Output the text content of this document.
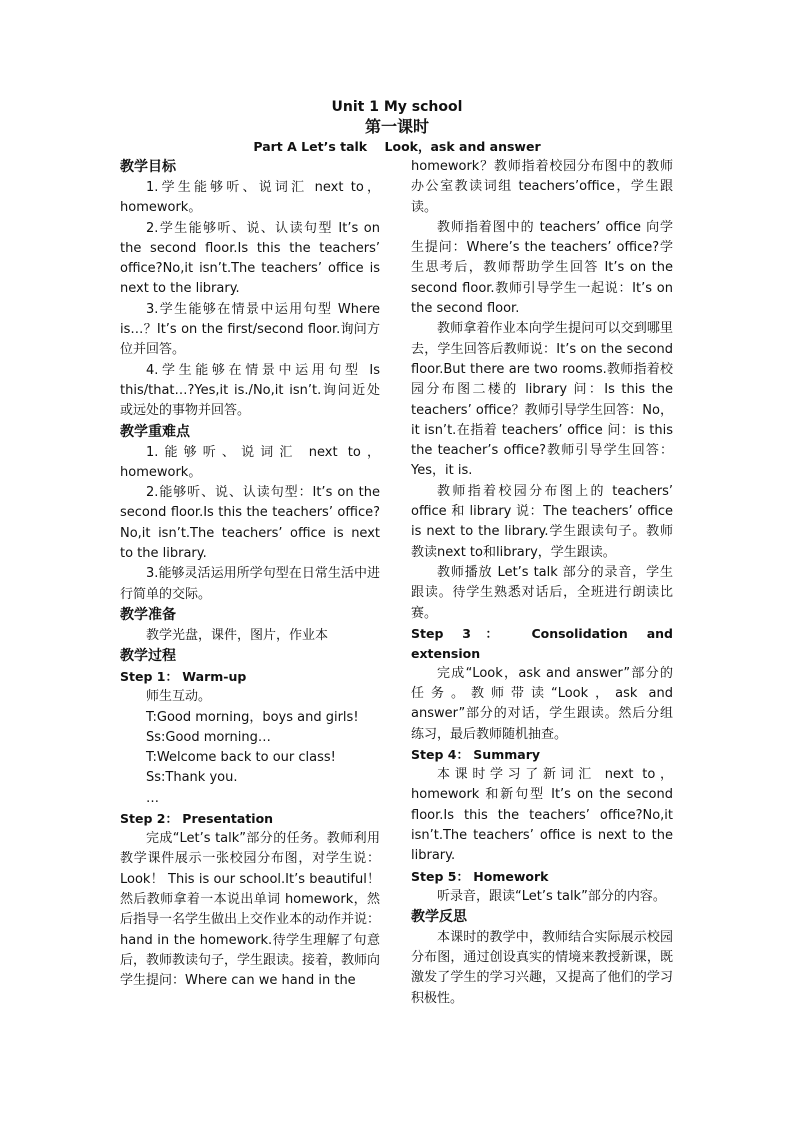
Unit 1 My school
第一课时
Part A Let’s talk    Look，ask and answer
教学目标

1.学生能够听、说词汇 next to，homework。

2.学生能够听、说、认读句型 It’s on the second floor.Is this the teachers’ office?No,it isn’t.The teachers’ office is next to the library.

3.学生能够在情景中运用句型 Where is…？It’s on the first/second floor.询问方位并回答。

4.学生能够在情景中运用句型 Is this/that…?Yes,it is./No,it isn’t.询问近处或远处的事物并回答。

教学重难点

1.能够听、说词汇 next to，homework。

2.能够听、说、认读句型：It’s on the second floor.Is this the teachers’ office?No,it isn’t.The teachers’ office is next to the library.

3.能够灵活运用所学句型在日常生活中进行简单的交际。

教学准备

教学光盘，课件，图片，作业本

教学过程

Step 1： Warm-up

师生互动。

T:Good morning，boys and girls!

Ss:Good morning…

T:Welcome back to our class!

Ss:Thank you.

…

Step 2： Presentation

完成“Let’s talk”部分的任务。教师利用教学课件展示一张校园分布图，对学生说：Look！ This is our school.It’s beautiful！然后教师拿着一本说出单词 homework，然后指导一名学生做出上交作业本的动作并说：hand in the homework.待学生理解了句意后，教师教读句子，学生跟读。接着，教师向学生提问：Where can we hand in the

homework？教师指着校园分布图中的教师办公室教读词组 teachers’office，学生跟读。

教师指着图中的 teachers’ office 向学生提问：Where’s the teachers’ office?学生思考后，教师帮助学生回答 It’s on the second floor.教师引导学生一起说：It’s on the second floor.

教师拿着作业本向学生提问可以交到哪里去，学生回答后教师说：It’s on the second floor.But there are two rooms.教师指着校园分布图二楼的 library 问：Is this the teachers’ office？教师引导学生回答：No，it isn’t.在指着 teachers’ office 问：is this the teacher’s office?教师引导学生回答：Yes，it is.

教师指着校园分布图上的 teachers’ office 和 library 说：The teachers’ office is next to the library.学生跟读句子。教师教读next to和library，学生跟读。

教师播放 Let’s talk 部分的录音，学生跟读。待学生熟悉对话后，全班进行朗读比赛。

Step 3： Consolidation and extension

完成“Look，ask and answer”部分的任务。教师带读“Look，ask and answer”部分的对话，学生跟读。然后分组练习，最后教师随机抽查。

Step 4： Summary

本课时学习了新词汇 next to，homework 和新句型 It’s on the second floor.Is this the teachers’ office?No,it isn’t.The teachers’ office is next to the library.

Step 5： Homework

听录音，跟读“Let’s talk”部分的内容。

教学反思

本课时的教学中，教师结合实际展示校园分布图，通过创设真实的情境来教授新课，既激发了学生的学习兴趣，又提高了他们的学习积极性。
